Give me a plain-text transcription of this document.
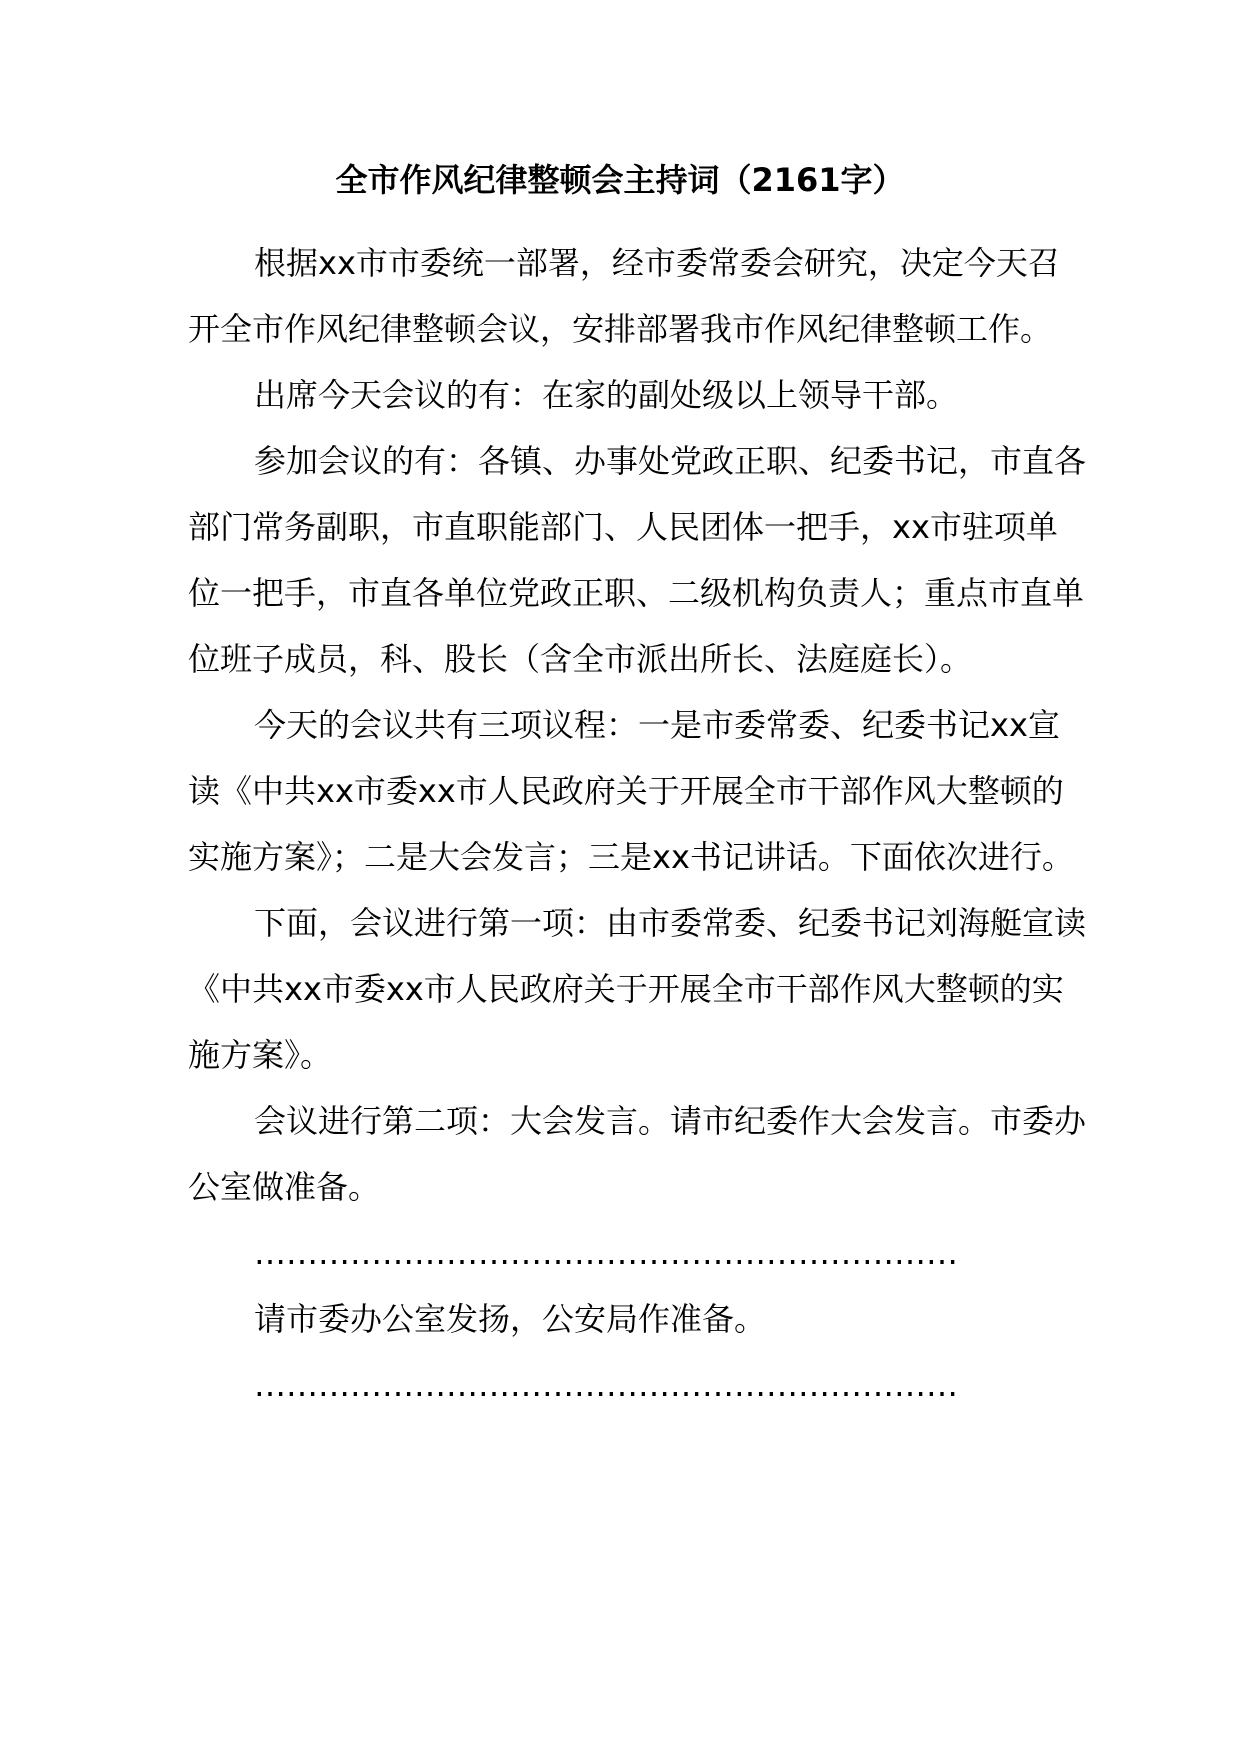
全市作风纪律整顿会主持词（2161字）

根据xx市市委统一部署，经市委常委会研究，决定今天召开全市作风纪律整顿会议，安排部署我市作风纪律整顿工作。

出席今天会议的有：在家的副处级以上领导干部。

参加会议的有：各镇、办事处党政正职、纪委书记，市直各部门常务副职，市直职能部门、人民团体一把手，xx市驻项单位一把手，市直各单位党政正职、二级机构负责人；重点市直单位班子成员，科、股长（含全市派出所长、法庭庭长）。

今天的会议共有三项议程：一是市委常委、纪委书记xx宣读《中共xx市委xx市人民政府关于开展全市干部作风大整顿的实施方案》；二是大会发言；三是xx书记讲话。下面依次进行。

下面，会议进行第一项：由市委常委、纪委书记刘海艇宣读《中共xx市委xx市人民政府关于开展全市干部作风大整顿的实施方案》。

会议进行第二项：大会发言。请市纪委作大会发言。市委办公室做准备。

…………………………………………………………

请市委办公室发扬，公安局作准备。

…………………………………………………………
